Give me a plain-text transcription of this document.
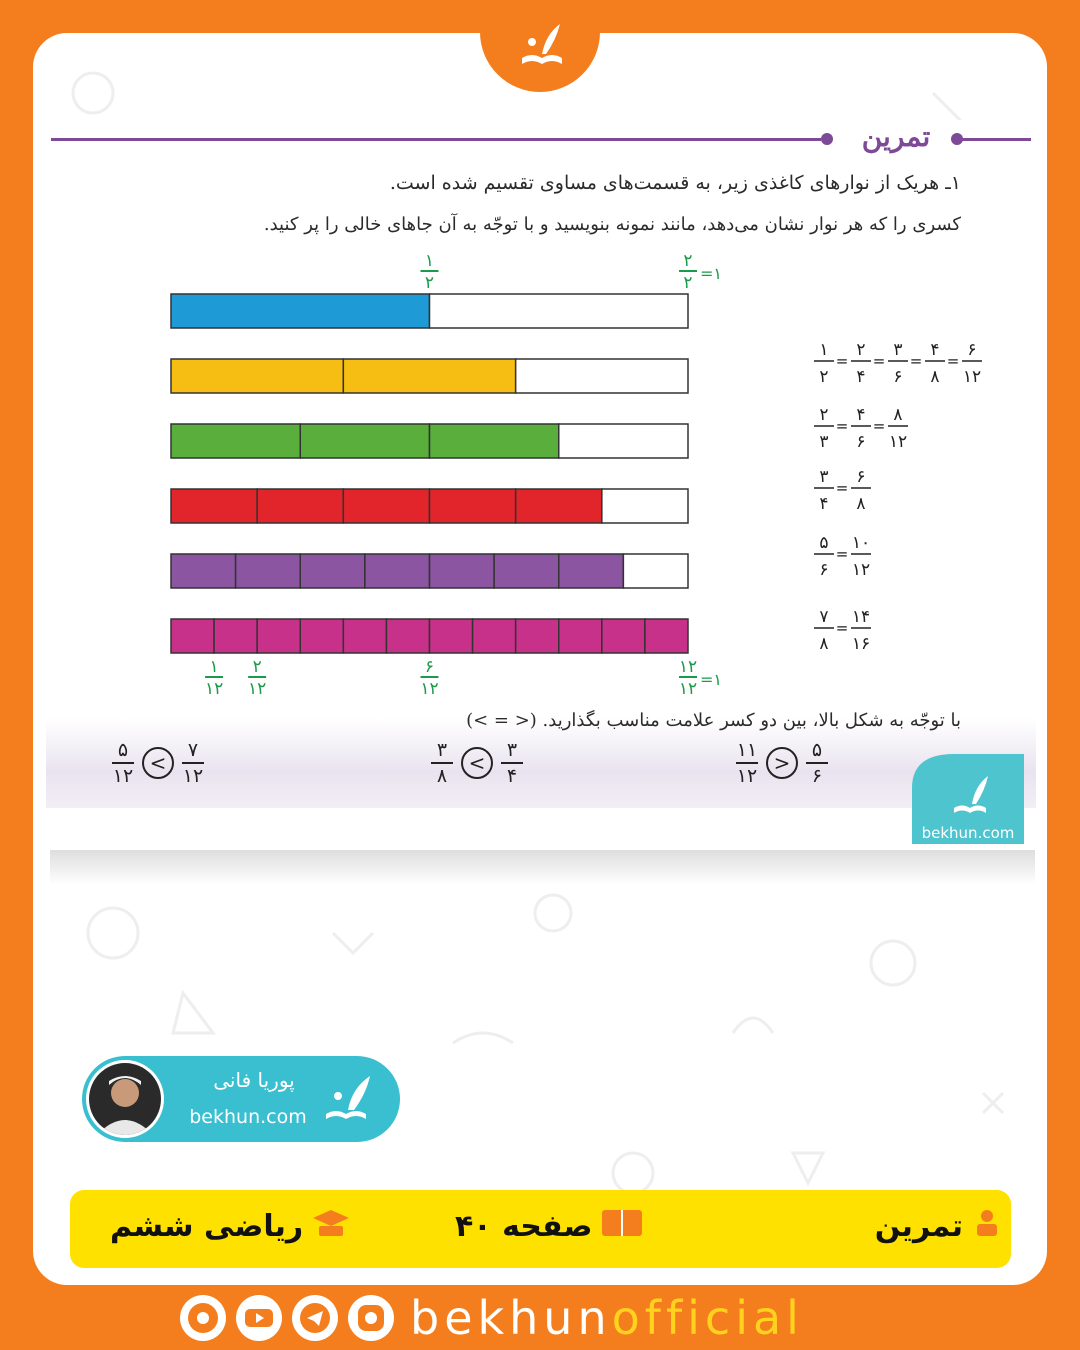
تمرین
۱ـ هریک از نوارهای کاغذی زیر، به قسمت‌های مساوی تقسیم شده است.
کسری را که هر نوار نشان می‌دهد، مانند نمونه بنویسید و با توجّه به آن جاهای خالی را پر کنید.
۱
۲
۲
۲ =۱
۱
۱۲
۲
۱۲
۶
۱۲
۱۲
۱۲ =۱
۱
۲
=
۲
۴
=
۳
۶
=
۴
۸
=
۶
۱۲
۲
۳
=
۴
۶
=
۸
۱۲
۳
۴
=
۶
۸
۵
۶
=
۱۰
۱۲
۷
۸
=
۱۴
۱۶
با توجّه به شکل بالا، بین دو کسر علامت مناسب بگذارید. (< = >)
$\frac{۵}{۱۲} < \frac{۷}{۱۲}$	$\frac{۳}{۸} < \frac{۳}{۴}$	$\frac{۱۱}{۱۲} > \frac{۵}{۶}$
bekhun.com
پوریا فانی
bekhun.com
تمرین
صفحه ۴۰
ریاضی ششم
bekhunofficial
